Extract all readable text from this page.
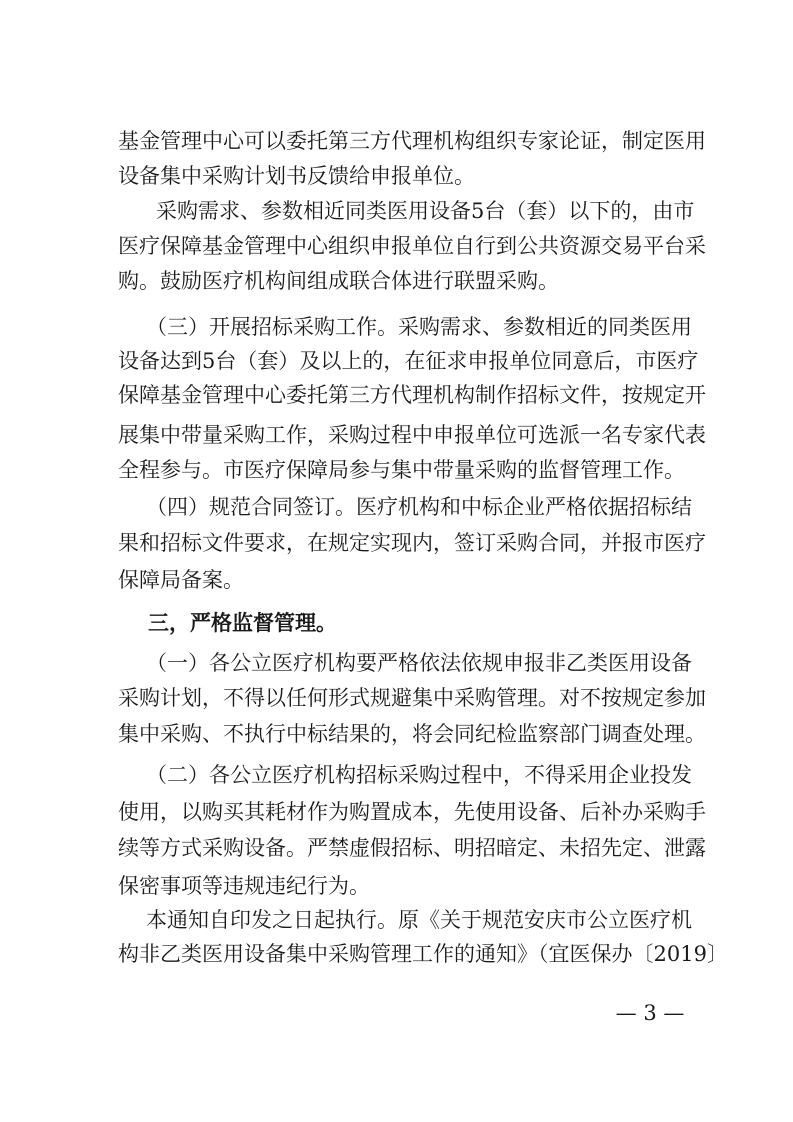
基金管理中心可以委托第三方代理机构组织专家论证，制定医用
设备集中采购计划书反馈给申报单位。
采购需求、参数相近同类医用设备5台（套）以下的，由市
医疗保障基金管理中心组织申报单位自行到公共资源交易平台采
购。鼓励医疗机构间组成联合体进行联盟采购。
（三）开展招标采购工作。采购需求、参数相近的同类医用
设备达到5台（套）及以上的，在征求申报单位同意后，市医疗
保障基金管理中心委托第三方代理机构制作招标文件，按规定开
展集中带量采购工作，采购过程中申报单位可选派一名专家代表
全程参与。市医疗保障局参与集中带量采购的监督管理工作。
（四）规范合同签订。医疗机构和中标企业严格依据招标结
果和招标文件要求，在规定实现内，签订采购合同，并报市医疗
保障局备案。
三，严格监督管理。
（一）各公立医疗机构要严格依法依规申报非乙类医用设备
采购计划，不得以任何形式规避集中采购管理。对不按规定参加
集中采购、不执行中标结果的，将会同纪检监察部门调查处理。
（二）各公立医疗机构招标采购过程中，不得采用企业投发
使用，以购买其耗材作为购置成本，先使用设备、后补办采购手
续等方式采购设备。严禁虚假招标、明招暗定、未招先定、泄露
保密事项等违规违纪行为。
本通知自印发之日起执行。原《关于规范安庆市公立医疗机
构非乙类医用设备集中采购管理工作的通知》（宜医保办〔2019〕
— 3 —
